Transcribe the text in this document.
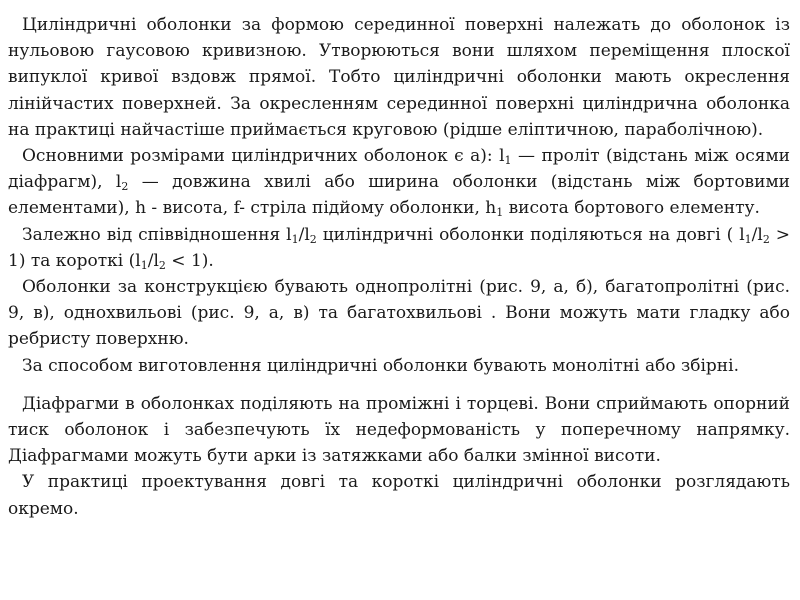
Циліндричні оболонки за формою серединної поверхні належать до оболонок із нульовою гаусовою кривизною. Утворюються вони шляхом переміщення плоскої випуклої кривої вздовж прямої. Тобто циліндричні оболонки мають окреслення лінійчастих поверхней. За окресленням серединної поверхні циліндрична оболонка на практиці найчастіше приймається круговою (рідше еліптичною, параболічною).

Основними розмірами циліндричних оболонок є а): $l_1$ — проліт (відстань між осями діафрагм), $l_2$ — довжина хвилі або ширина оболонки (відстань між бортовими елементами), h - висота, f- стріла підйому оболонки, $h_1$ висота бортового елементу.

Залежно від співвідношення $l_1/l_2$ циліндричні оболонки поділяються на довгі ( $l_1/l_2 > 1$) та короткі $(l_1/l_2 < 1)$.

Оболонки за конструкцією бувають однопролітні (рис. 9, а, б), багатопролітні (рис. 9, в), однохвильові (рис. 9, а, в) та багатохвильові . Вони можуть мати гладку або ребристу поверхню.

За способом виготовлення циліндричні оболонки бувають монолітні або збірні.

Діафрагми в оболонках поділяють на проміжні і торцеві. Вони сприймають опорний тиск оболонок і забезпечують їх недеформованість у поперечному напрямку. Діафрагмами можуть бути арки із затяжками або балки змінної висоти.

У практиці проектування довгі та короткі циліндричні оболонки розглядають окремо.
